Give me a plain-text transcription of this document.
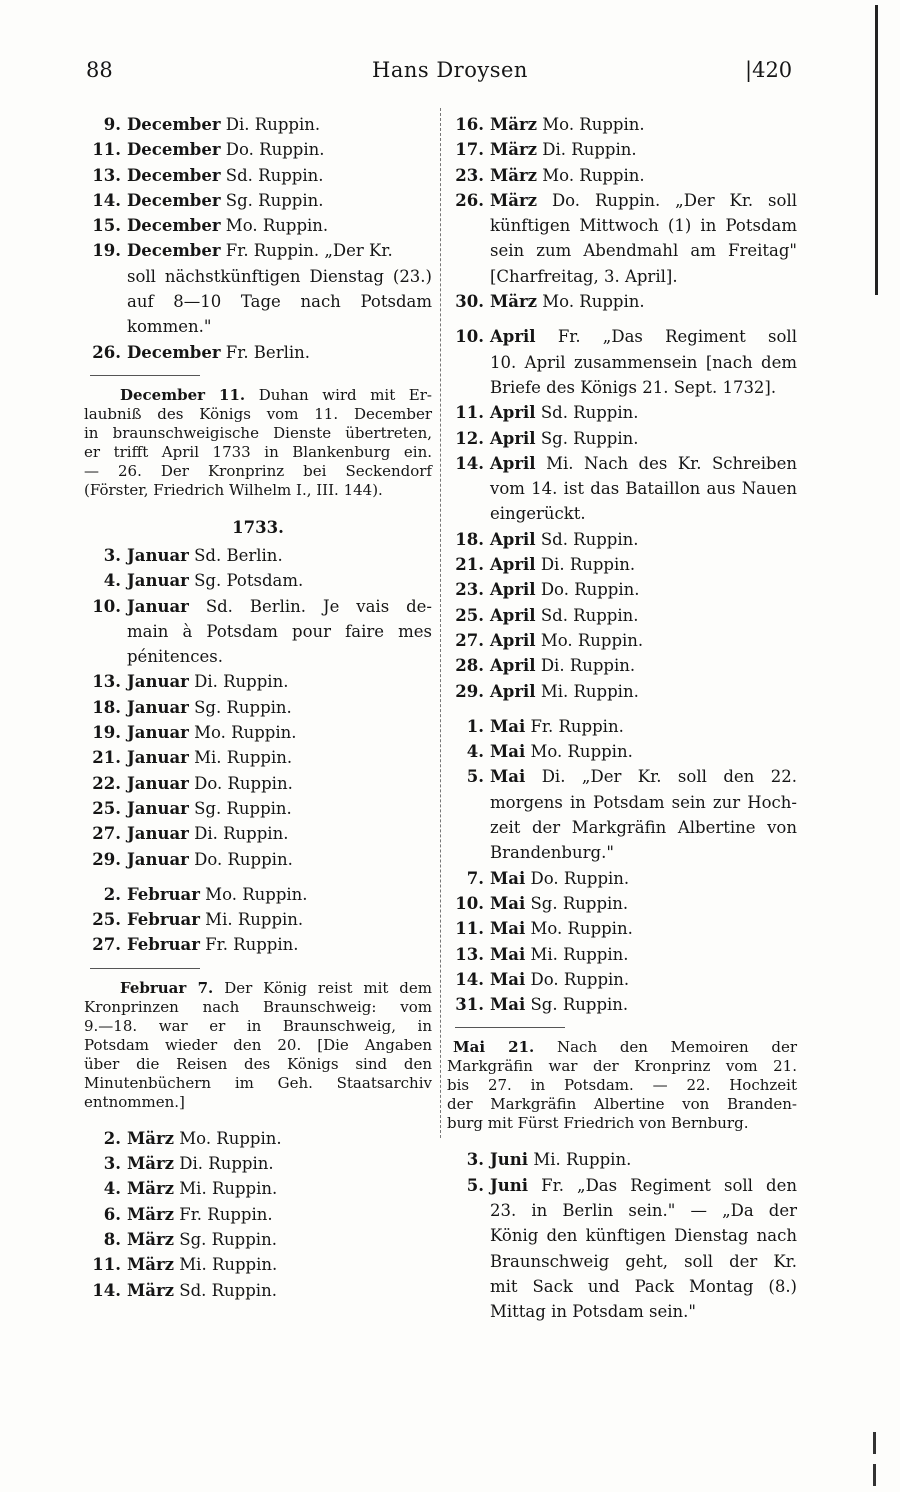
88	Hans Droysen	|420
9. December Di. Ruppin.
11. December Do. Ruppin.
13. December Sd. Ruppin.
14. December Sg. Ruppin.
15. December Mo. Ruppin.
19. December Fr. Ruppin. „Der Kr.
soll nächstkünftigen Dienstag (23.)
auf 8—10 Tage nach Potsdam
kommen."
26. December Fr. Berlin.
December 11. Duhan wird mit Er-
laubniß des Königs vom 11. December
in braunschweigische Dienste übertreten,
er trifft April 1733 in Blankenburg ein.
— 26. Der Kronprinz bei Seckendorf
(Förster, Friedrich Wilhelm I., III. 144).
1733.
3. Januar Sd. Berlin.
4. Januar Sg. Potsdam.
10. Januar Sd. Berlin. Je vais de-
main à Potsdam pour faire mes
pénitences.
13. Januar Di. Ruppin.
18. Januar Sg. Ruppin.
19. Januar Mo. Ruppin.
21. Januar Mi. Ruppin.
22. Januar Do. Ruppin.
25. Januar Sg. Ruppin.
27. Januar Di. Ruppin.
29. Januar Do. Ruppin.
2. Februar Mo. Ruppin.
25. Februar Mi. Ruppin.
27. Februar Fr. Ruppin.
Februar 7. Der König reist mit dem
Kronprinzen nach Braunschweig: vom
9.—18. war er in Braunschweig, in
Potsdam wieder den 20. [Die Angaben
über die Reisen des Königs sind den
Minutenbüchern im Geh. Staatsarchiv
entnommen.]
2. März Mo. Ruppin.
3. März Di. Ruppin.
4. März Mi. Ruppin.
6. März Fr. Ruppin.
8. März Sg. Ruppin.
11. März Mi. Ruppin.
14. März Sd. Ruppin.
16. März Mo. Ruppin.
17. März Di. Ruppin.
23. März Mo. Ruppin.
26. März Do. Ruppin. „Der Kr. soll
künftigen Mittwoch (1) in Potsdam
sein zum Abendmahl am Freitag"
[Charfreitag, 3. April].
30. März Mo. Ruppin.
10. April Fr. „Das Regiment soll
10. April zusammensein [nach dem
Briefe des Königs 21. Sept. 1732].
11. April Sd. Ruppin.
12. April Sg. Ruppin.
14. April Mi. Nach des Kr. Schreiben
vom 14. ist das Bataillon aus Nauen
eingerückt.
18. April Sd. Ruppin.
21. April Di. Ruppin.
23. April Do. Ruppin.
25. April Sd. Ruppin.
27. April Mo. Ruppin.
28. April Di. Ruppin.
29. April Mi. Ruppin.
1. Mai Fr. Ruppin.
4. Mai Mo. Ruppin.
5. Mai Di. „Der Kr. soll den 22.
morgens in Potsdam sein zur Hoch-
zeit der Markgräfin Albertine von
Brandenburg."
7. Mai Do. Ruppin.
10. Mai Sg. Ruppin.
11. Mai Mo. Ruppin.
13. Mai Mi. Ruppin.
14. Mai Do. Ruppin.
31. Mai Sg. Ruppin.
Mai 21. Nach den Memoiren der
Markgräfin war der Kronprinz vom 21.
bis 27. in Potsdam. — 22. Hochzeit
der Markgräfin Albertine von Branden-
burg mit Fürst Friedrich von Bernburg.
3. Juni Mi. Ruppin.
5. Juni Fr. „Das Regiment soll den
23. in Berlin sein." — „Da der
König den künftigen Dienstag nach
Braunschweig geht, soll der Kr.
mit Sack und Pack Montag (8.)
Mittag in Potsdam sein."
